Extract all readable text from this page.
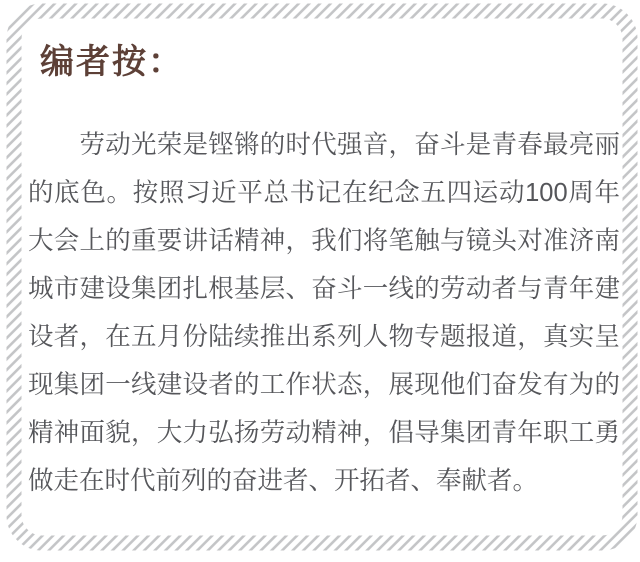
编者按：
　　劳动光荣是铿锵的时代强音，奋斗是青春最亮丽
的底色。按照习近平总书记在纪念五四运动100周年
大会上的重要讲话精神，我们将笔触与镜头对准济南
城市建设集团扎根基层、奋斗一线的劳动者与青年建
设者，在五月份陆续推出系列人物专题报道，真实呈
现集团一线建设者的工作状态，展现他们奋发有为的
精神面貌，大力弘扬劳动精神，倡导集团青年职工勇
做走在时代前列的奋进者、开拓者、奉献者。
